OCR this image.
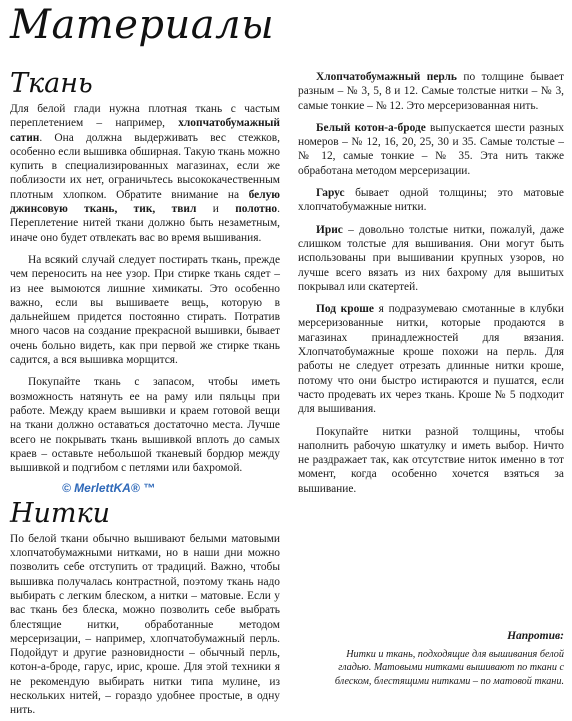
Материалы
Ткань

Для белой глади нужна плотная ткань с частым переплетением – например, хлопчатобумажный сатин. Она должна выдерживать вес стежков, особенно если вышивка обширная. Такую ткань можно купить в специализированных магазинах, если же поблизости их нет, ограничьтесь высококачественным плотным хлопком. Обратите внимание на белую джинсовую ткань, тик, твил и полотно. Переплетение нитей ткани должно быть незаметным, иначе оно будет отвлекать вас во время вышивания.

На всякий случай следует постирать ткань, прежде чем переносить на нее узор. При стирке ткань сядет – из нее вымоются лишние химикаты. Это особенно важно, если вы вышиваете вещь, которую в дальнейшем придется постоянно стирать. Потратив много часов на создание прекрасной вышивки, бывает очень больно видеть, как при первой же стирке ткань садится, а вся вышивка морщится.

Покупайте ткань с запасом, чтобы иметь возможность натянуть ее на раму или пяльцы при работе. Между краем вышивки и краем готовой вещи на ткани должно оставаться достаточно места. Лучше всего не покрывать ткань вышивкой вплоть до самых краев – оставьте небольшой тканевый бордюр между вышивкой и подгибом с петлями или бахромой.

© MerlettKA® ™
Нитки

По белой ткани обычно вышивают белыми матовыми хлопчатобумажными нитками, но в наши дни можно позволить себе отступить от традиций. Важно, чтобы вышивка получалась контрастной, поэтому ткань надо выбирать с легким блеском, а нитки – матовые. Если у вас ткань без блеска, можно позволить себе выбрать блестящие нитки, обработанные методом мерсеризации, – например, хлопчатобумажный перль. Подойдут и другие разновидности – обычный перль, котон-а-броде, гарус, ирис, кроше. Для этой техники я не рекомендую выбирать нитки типа мулине, из нескольких нитей, – гораздо удобнее простые, в одну нить.

Хлопчатобумажный перль по толщине бывает разным – № 3, 5, 8 и 12. Самые толстые нитки – № 3, самые тонкие – № 12. Это мерсеризованная нить.

Белый котон-а-броде выпускается шести разных номеров – № 12, 16, 20, 25, 30 и 35. Самые толстые – № 12, самые тонкие – № 35. Эта нить также обработана методом мерсеризации.

Гарус бывает одной толщины; это матовые хлопчатобумажные нитки.

Ирис – довольно толстые нитки, пожалуй, даже слишком толстые для вышивания. Они могут быть использованы при вышивании крупных узоров, но лучше всего вязать из них бахрому для вышитых покрывал или скатертей.

Под кроше я подразумеваю смотанные в клубки мерсеризованные нитки, которые продаются в магазинах принадлежностей для вязания. Хлопчатобумажные кроше похожи на перль. Для работы не следует отрезать длинные нитки кроше, потому что они быстро истираются и пушатся, если часто продевать их через ткань. Кроше № 5 подходит для вышивания.

Покупайте нитки разной толщины, чтобы наполнить рабочую шкатулку и иметь выбор. Ничто не раздражает так, как отсутствие ниток именно в тот момент, когда особенно хочется взяться за вышивание.

Напротив:
Нитки и ткань, подходящие для вышивания белой гладью. Матовыми нитками вышивают по ткани с блеском, блестящими нитками – по матовой ткани.
